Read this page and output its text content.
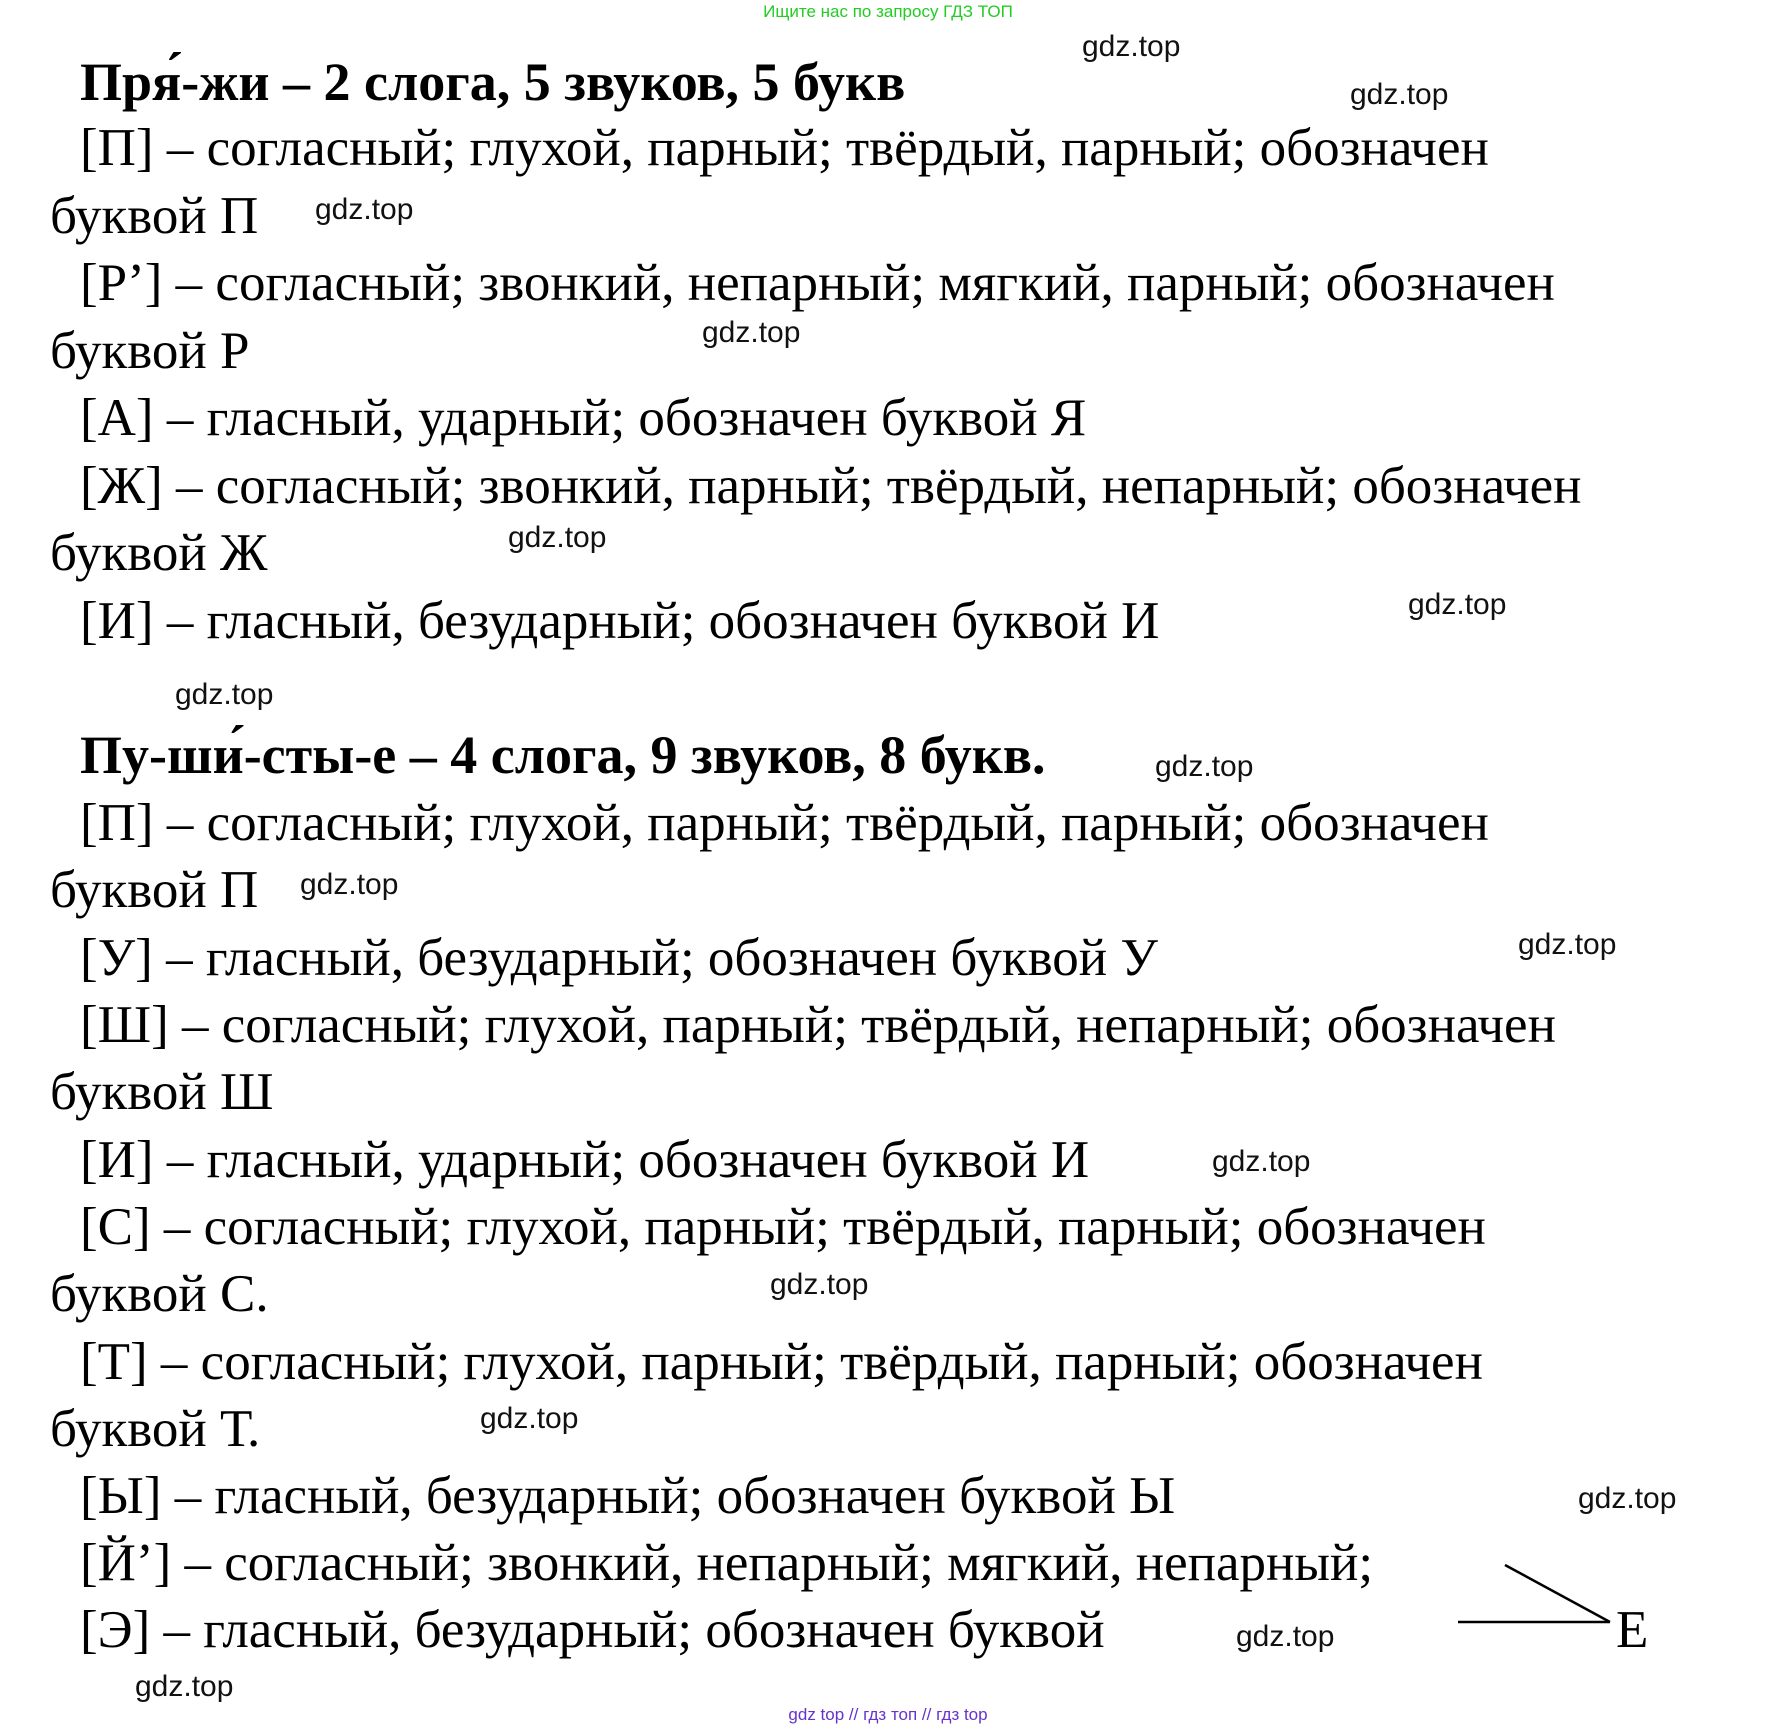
Ищите нас по запросу ГДЗ ТОП
Пря́-жи – 2 слога, 5 звуков, 5 букв
[П] – согласный; глухой, парный; твёрдый, парный; обозначен
буквой П
[Р’] – согласный; звонкий, непарный; мягкий, парный; обозначен
буквой Р
[А] – гласный, ударный; обозначен буквой Я
[Ж] – согласный; звонкий, парный; твёрдый, непарный; обозначен
буквой Ж
[И] – гласный, безударный; обозначен буквой И
Пу-ши́-сты-е – 4 слога, 9 звуков, 8 букв.
[П] – согласный; глухой, парный; твёрдый, парный; обозначен
буквой П
[У] – гласный, безударный; обозначен буквой У
[Ш] – согласный; глухой, парный; твёрдый, непарный; обозначен
буквой Ш
[И] – гласный, ударный; обозначен буквой И
[С] – согласный; глухой, парный; твёрдый, парный; обозначен
буквой С.
[Т] – согласный; глухой, парный; твёрдый, парный; обозначен
буквой Т.
[Ы] – гласный, безударный; обозначен буквой Ы
[Й’] – согласный; звонкий, непарный; мягкий, непарный;
[Э] – гласный, безударный; обозначен буквой	Е
gdz.top
gdz.top
gdz.top
gdz.top
gdz.top
gdz.top
gdz.top
gdz.top
gdz.top
gdz.top
gdz.top
gdz.top
gdz.top
gdz.top
gdz.top
gdz.top
gdz top // гдз топ // гдз top
